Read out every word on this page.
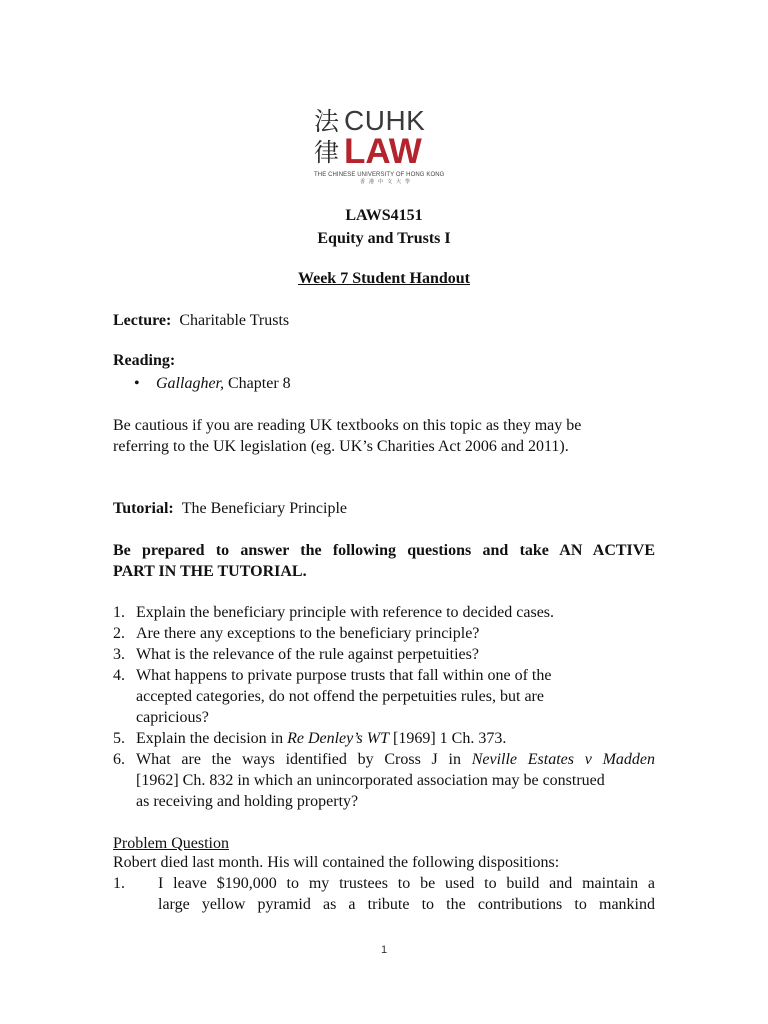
法
律
CUHK
LAW
THE CHINESE UNIVERSITY OF HONG KONG
香港中文大學
LAWS4151
Equity and Trusts I
Week 7 Student Handout
Lecture: Charitable Trusts
Reading:
• Gallagher, Chapter 8
Be cautious if you are reading UK textbooks on this topic as they may be
referring to the UK legislation (eg. UK’s Charities Act 2006 and 2011).
Tutorial: The Beneficiary Principle
Be prepared to answer the following questions and take AN ACTIVE
PART IN THE TUTORIAL.
1. Explain the beneficiary principle with reference to decided cases.
2. Are there any exceptions to the beneficiary principle?
3. What is the relevance of the rule against perpetuities?
4. What happens to private purpose trusts that fall within one of the
accepted categories, do not offend the perpetuities rules, but are
capricious?
5. Explain the decision in Re Denley’s WT [1969] 1 Ch. 373.
6. What are the ways identified by Cross J in Neville Estates v Madden
[1962] Ch. 832 in which an unincorporated association may be construed
as receiving and holding property?
Problem Question
Robert died last month. His will contained the following dispositions:
1.	I leave $190,000 to my trustees to be used to build and maintain a
large yellow pyramid as a tribute to the contributions to mankind
1
